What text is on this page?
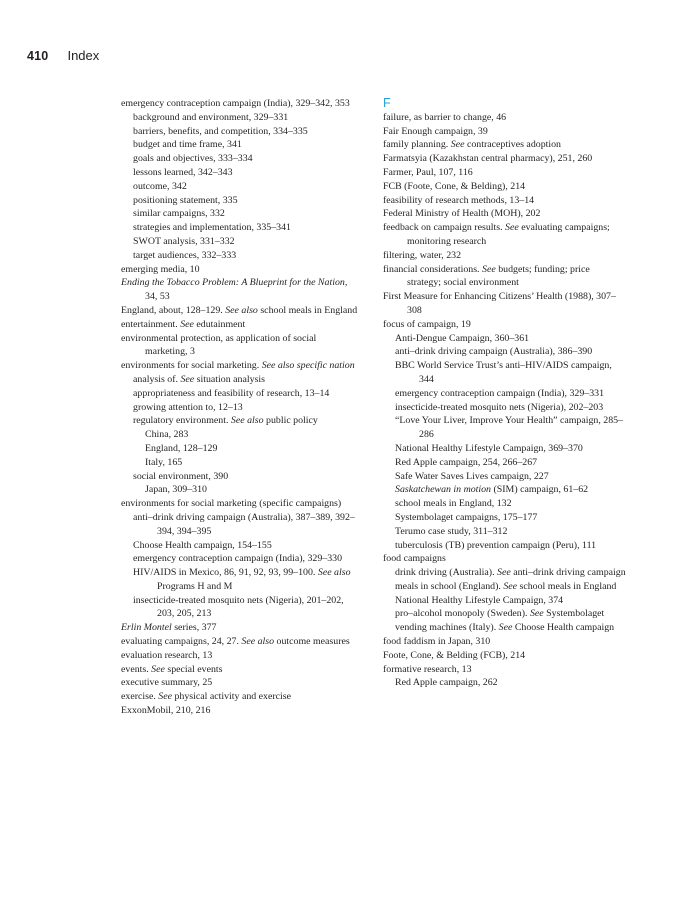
410 Index
emergency contraception campaign (India), 329–342, 353
background and environment, 329–331
barriers, benefits, and competition, 334–335
budget and time frame, 341
goals and objectives, 333–334
lessons learned, 342–343
outcome, 342
positioning statement, 335
similar campaigns, 332
strategies and implementation, 335–341
SWOT analysis, 331–332
target audiences, 332–333
emerging media, 10
Ending the Tobacco Problem: A Blueprint for the Nation, 34, 53
England, about, 128–129. See also school meals in England
entertainment. See edutainment
environmental protection, as application of social marketing, 3
environments for social marketing. See also specific nation
analysis of. See situation analysis
appropriateness and feasibility of research, 13–14
growing attention to, 12–13
regulatory environment. See also public policy
China, 283
England, 128–129
Italy, 165
social environment, 390
Japan, 309–310
environments for social marketing (specific campaigns)
anti–drink driving campaign (Australia), 387–389, 392–394, 394–395
Choose Health campaign, 154–155
emergency contraception campaign (India), 329–330
HIV/AIDS in Mexico, 86, 91, 92, 93, 99–100. See also Programs H and M
insecticide-treated mosquito nets (Nigeria), 201–202, 203, 205, 213
Erlin Montel series, 377
evaluating campaigns, 24, 27. See also outcome measures
evaluation research, 13
events. See special events
executive summary, 25
exercise. See physical activity and exercise
ExxonMobil, 210, 216
F
failure, as barrier to change, 46
Fair Enough campaign, 39
family planning. See contraceptives adoption
Farmatsyia (Kazakhstan central pharmacy), 251, 260
Farmer, Paul, 107, 116
FCB (Foote, Cone, & Belding), 214
feasibility of research methods, 13–14
Federal Ministry of Health (MOH), 202
feedback on campaign results. See evaluating campaigns; monitoring research
filtering, water, 232
financial considerations. See budgets; funding; price strategy; social environment
First Measure for Enhancing Citizens’ Health (1988), 307–308
focus of campaign, 19
Anti-Dengue Campaign, 360–361
anti–drink driving campaign (Australia), 386–390
BBC World Service Trust’s anti–HIV/AIDS campaign, 344
emergency contraception campaign (India), 329–331
insecticide-treated mosquito nets (Nigeria), 202–203
“Love Your Liver, Improve Your Health” campaign, 285–286
National Healthy Lifestyle Campaign, 369–370
Red Apple campaign, 254, 266–267
Safe Water Saves Lives campaign, 227
Saskatchewan in motion (SIM) campaign, 61–62
school meals in England, 132
Systembolaget campaigns, 175–177
Terumo case study, 311–312
tuberculosis (TB) prevention campaign (Peru), 111
food campaigns
drink driving (Australia). See anti–drink driving campaign
meals in school (England). See school meals in England
National Healthy Lifestyle Campaign, 374
pro–alcohol monopoly (Sweden). See Systembolaget
vending machines (Italy). See Choose Health campaign
food faddism in Japan, 310
Foote, Cone, & Belding (FCB), 214
formative research, 13
Red Apple campaign, 262
